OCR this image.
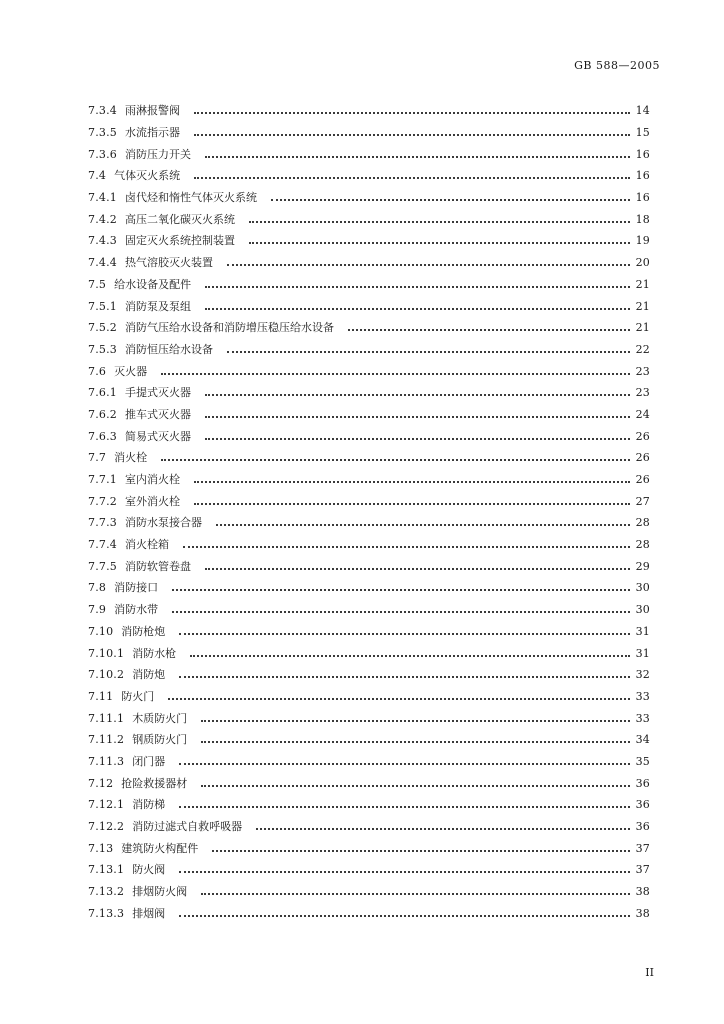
GB 588—2005
7.3.4 雨淋报警阀	14
7.3.5 水流指示器	15
7.3.6 消防压力开关	16
7.4 气体灭火系统	16
7.4.1 卤代烃和惰性气体灭火系统	16
7.4.2 高压二氧化碳灭火系统	18
7.4.3 固定灭火系统控制装置	19
7.4.4 热气溶胶灭火装置	20
7.5 给水设备及配件	21
7.5.1 消防泵及泵组	21
7.5.2 消防气压给水设备和消防增压稳压给水设备	21
7.5.3 消防恒压给水设备	22
7.6 灭火器	23
7.6.1 手提式灭火器	23
7.6.2 推车式灭火器	24
7.6.3 简易式灭火器	26
7.7 消火栓	26
7.7.1 室内消火栓	26
7.7.2 室外消火栓	27
7.7.3 消防水泵接合器	28
7.7.4 消火栓箱	28
7.7.5 消防软管卷盘	29
7.8 消防接口	30
7.9 消防水带	30
7.10 消防枪炮	31
7.10.1 消防水枪	31
7.10.2 消防炮	32
7.11 防火门	33
7.11.1 木质防火门	33
7.11.2 钢质防火门	34
7.11.3 闭门器	35
7.12 抢险救援器材	36
7.12.1 消防梯	36
7.12.2 消防过滤式自救呼吸器	36
7.13 建筑防火构配件	37
7.13.1 防火阀	37
7.13.2 排烟防火阀	38
7.13.3 排烟阀	38
II
